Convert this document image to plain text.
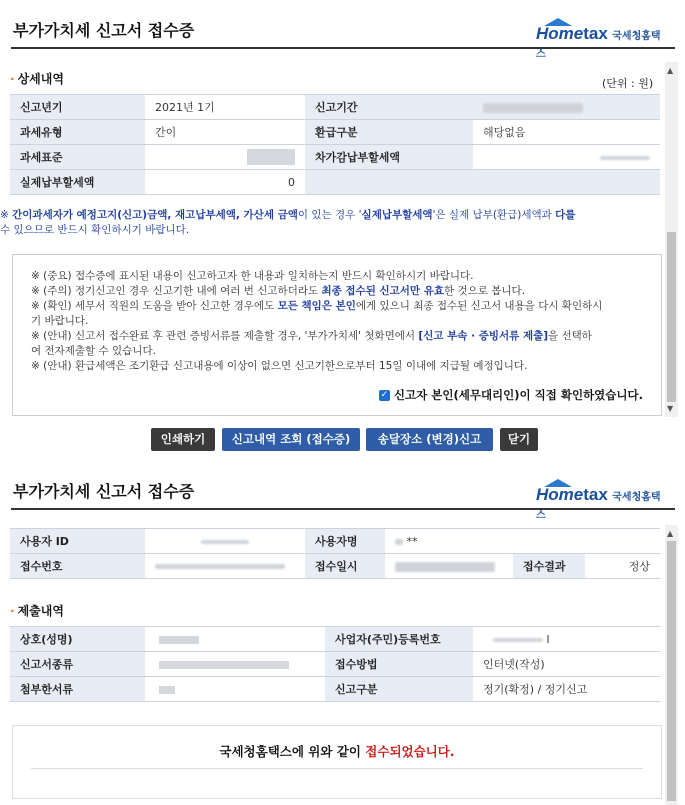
부가가치세 신고서 접수증	Hometax 국세청홈택스
· 상세내역	(단위 : 원)
신고년기	2021년 1기	신고기간	
과세유형	간이	환급구분	해당없음
과세표준		차가감납부할세액	
실제납부할세액	0		
※ 간이과세자가 예정고지(신고)금액, 재고납부세액, 가산세 금액이 있는 경우 '실제납부할세액'은 실제 납부(환급)세액과 다를
수 있으므로 반드시 확인하시기 바랍니다.
※ (중요) 접수증에 표시된 내용이 신고하고자 한 내용과 일치하는지 반드시 확인하시기 바랍니다.
※ (주의) 정기신고인 경우 신고기한 내에 여러 번 신고하더라도 최종 접수된 신고서만 유효한 것으로 봅니다.
※ (확인) 세무서 직원의 도움을 받아 신고한 경우에도 모든 책임은 본인에게 있으니 최종 접수된 신고서 내용을 다시 확인하시
기 바랍니다.
※ (안내) 신고서 접수완료 후 관련 증빙서류를 제출할 경우, '부가가치세' 첫화면에서 [신고 부속 · 증빙서류 제출]을 선택하
여 전자제출할 수 있습니다.
※ (안내) 환급세액은 조기환급 신고내용에 이상이 없으면 신고기한으로부터 15일 이내에 지급될 예정입니다.
✓ 신고자 본인(세무대리인)이 직접 확인하였습니다.
▲
▼
인쇄하기	신고내역 조회 (접수증)	송달장소 (변경)신고	닫기
부가가치세 신고서 접수증	Hometax 국세청홈택스
사용자 ID		사용자명	**		
접수번호		접수일시		접수결과	정상
· 제출내역
상호(성명)		사업자(주민)등록번호	l
신고서종류		접수방법	인터넷(작성)
첨부한서류		신고구분	정기(확정) / 정기신고
국세청홈택스에 위와 같이 접수되었습니다.
▲
